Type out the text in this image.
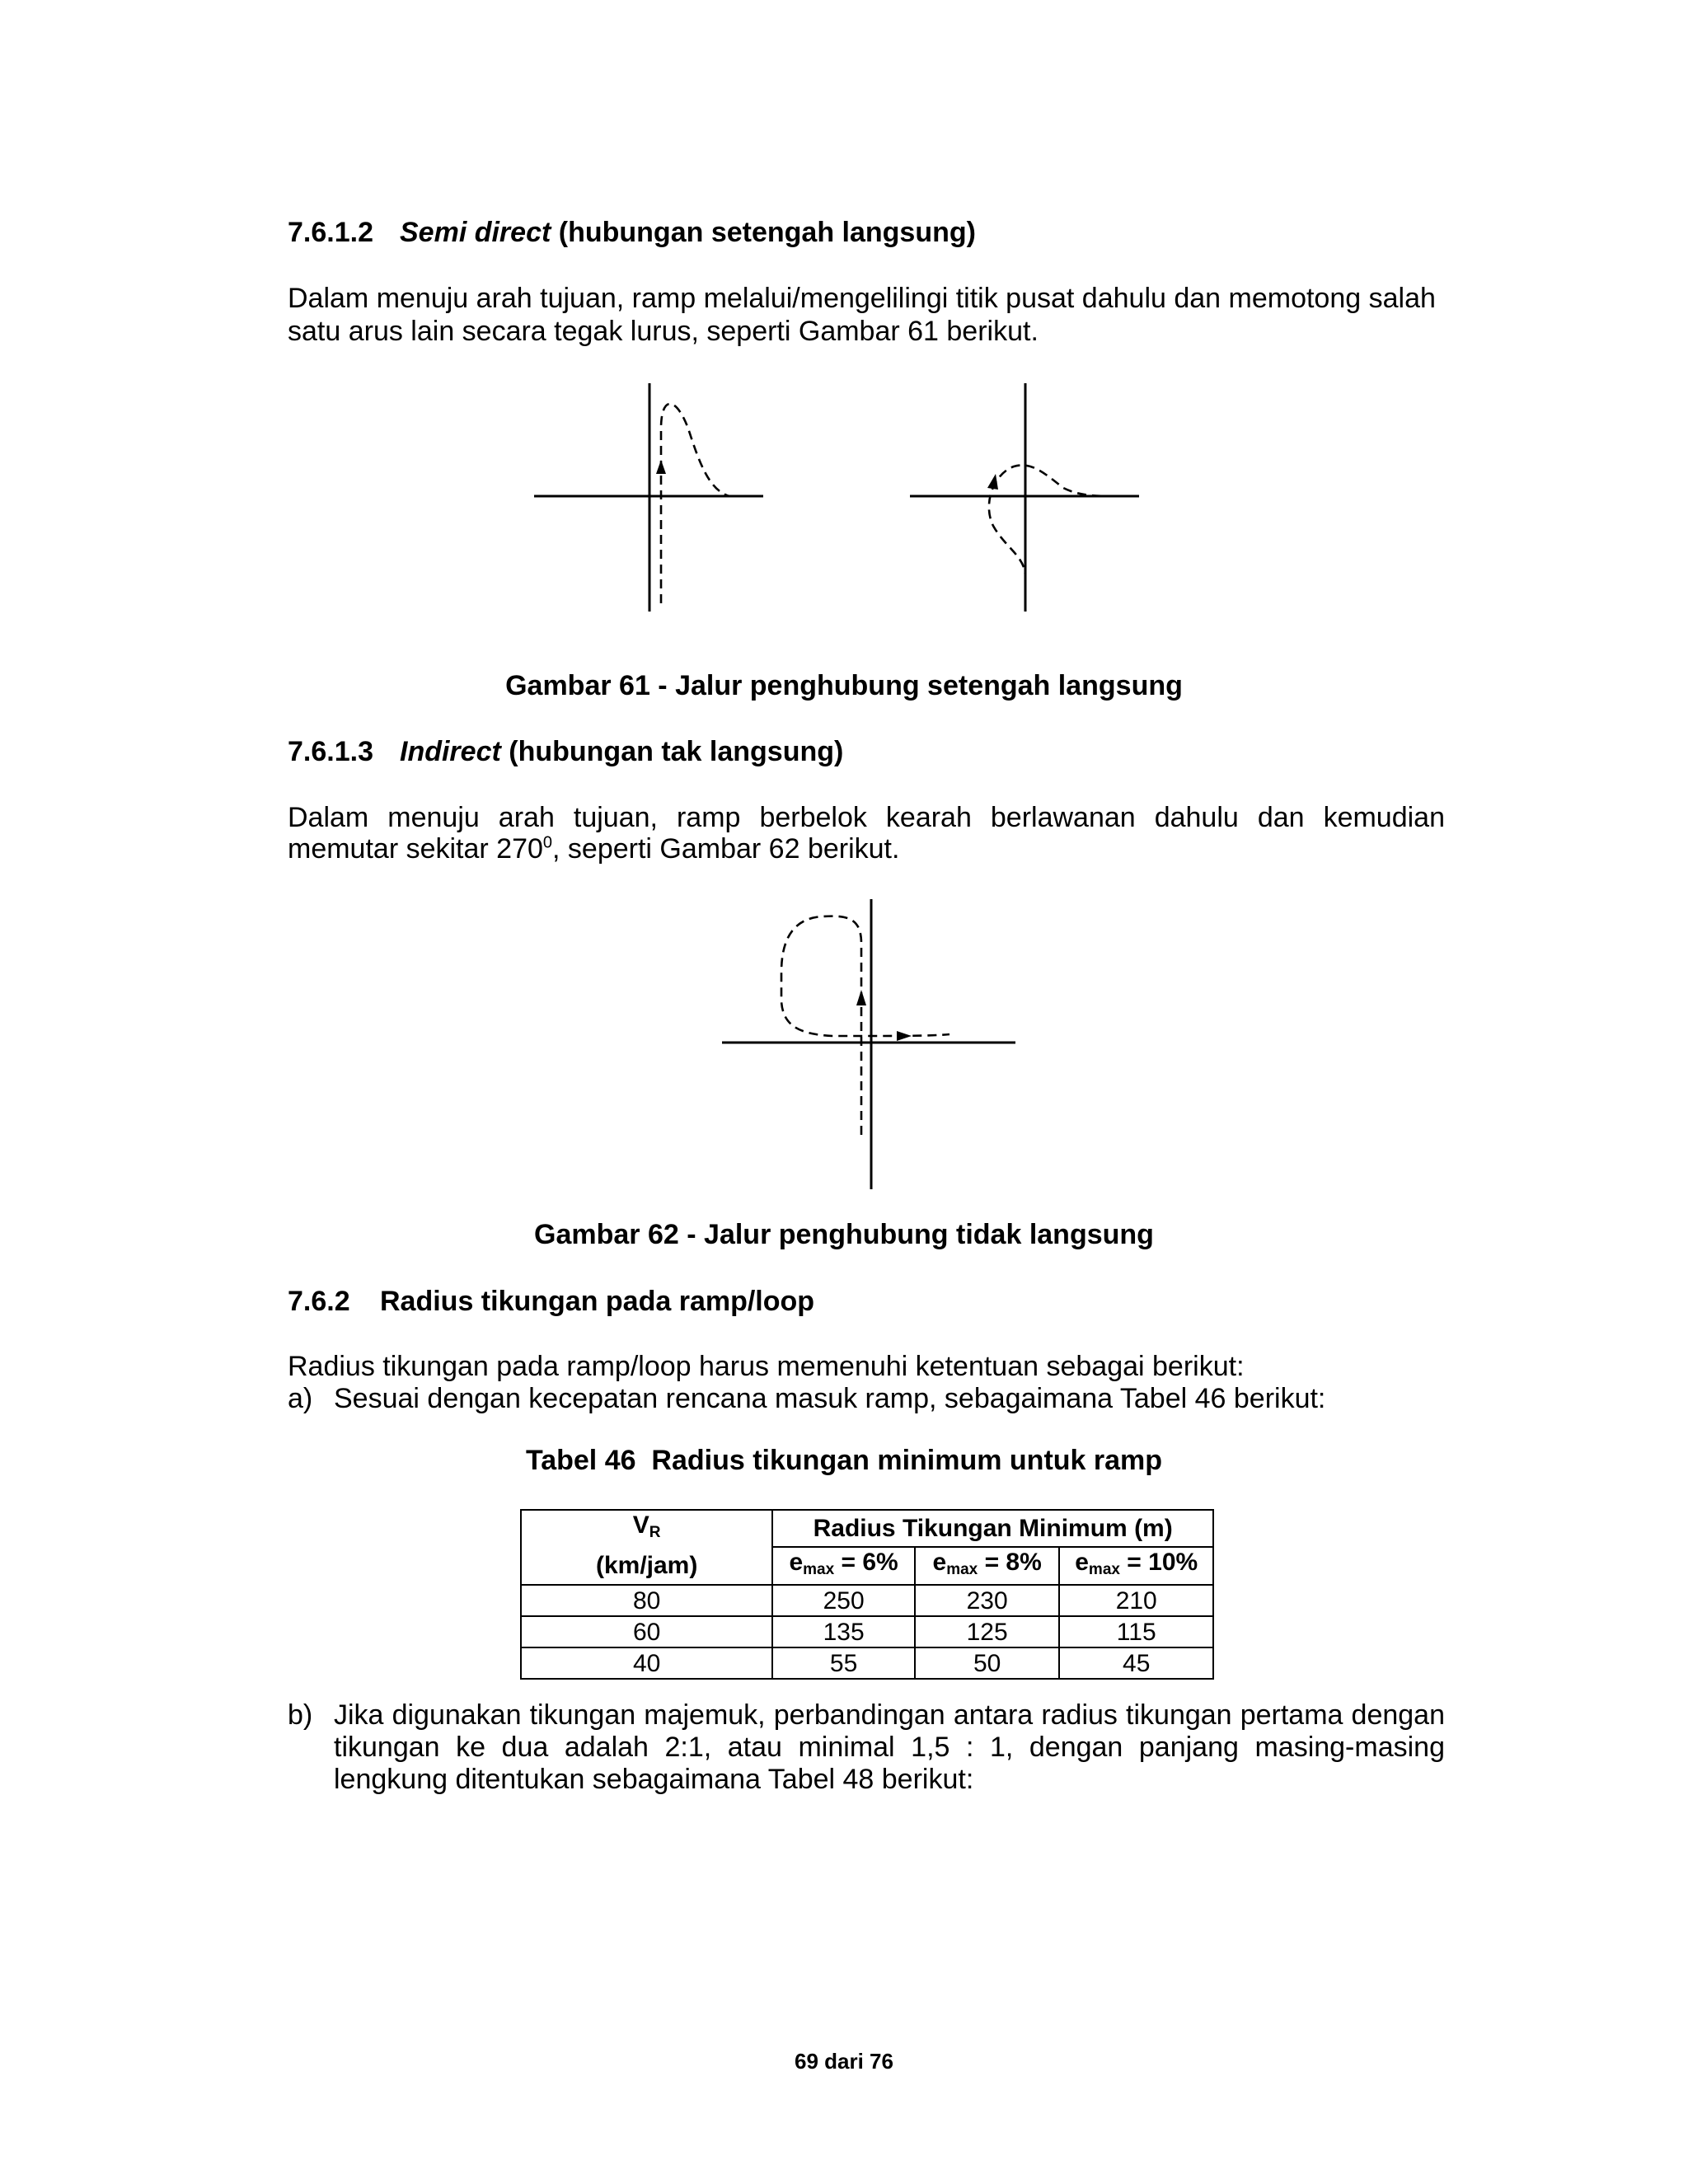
7.6.1.2 Semi direct (hubungan setengah langsung)
Dalam menuju arah tujuan, ramp melalui/mengelilingi titik pusat dahulu dan memotong salah
satu arus lain secara tegak lurus, seperti Gambar 61 berikut.
Gambar 61 - Jalur penghubung setengah langsung
7.6.1.3 Indirect (hubungan tak langsung)
Dalam menuju arah tujuan, ramp berbelok kearah berlawanan dahulu dan kemudian
memutar sekitar $270^0$, seperti Gambar 62 berikut.
Gambar 62 - Jalur penghubung tidak langsung
7.6.2 Radius tikungan pada ramp/loop
Radius tikungan pada ramp/loop harus memenuhi ketentuan sebagai berikut:
a) Sesuai dengan kecepatan rencana masuk ramp, sebagaimana Tabel 46 berikut:
Tabel 46 Radius tikungan minimum untuk ramp
$V_R$	Radius Tikungan Minimum (m)		
(km/jam)	$e_{max} = 6\%$	$e_{max} = 8\%$	$e_{max} = 10\%$
80	250	230	210
60	135	125	115
40	55	50	45
b) Jika digunakan tikungan majemuk, perbandingan antara radius tikungan pertama dengan
tikungan ke dua adalah 2:1, atau minimal 1,5 : 1, dengan panjang masing-masing
lengkung ditentukan sebagaimana Tabel 48 berikut:
69 dari 76
